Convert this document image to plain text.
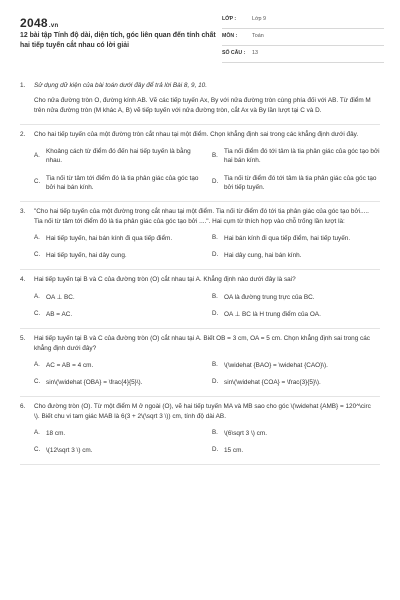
2048.vn
12 bài tập Tính độ dài, diện tích, góc liên quan đến tính chất hai tiếp tuyến cắt nhau có lời giải
LỚP :	Lớp 9
MÔN :	Toán
SỐ CÂU :	13
1.	Sử dụng dữ kiện của bài toán dưới đây để trả lời Bài 8, 9, 10.
Cho nửa đường tròn O, đường kính AB. Vẽ các tiếp tuyến Ax, By với nửa đường tròn cùng phía đối với AB. Từ điểm M trên nửa đường tròn (M khác A, B) vẽ tiếp tuyến với nửa đường tròn, cắt Ax và By lần lượt tại C và D.
2.	Cho hai tiếp tuyến của một đường tròn cắt nhau tại một điểm. Chọn khẳng định sai trong các khẳng định dưới đây.
A.
Khoảng cách từ điểm đó đến hai tiếp tuyến là bằng nhau.
B.
Tia nối điểm đó tới tâm là tia phân giác của góc tạo bởi hai bán kính.
C.
Tia nối từ tâm tới điểm đó là tia phân giác của góc tạo bởi hai bán kính.
D.
Tia nối từ điểm đó tới tâm là tia phân giác của góc tạo bởi tiếp tuyến.
3.	"Cho hai tiếp tuyến của một đường trong cắt nhau tại một điểm. Tia nối từ điểm đó tới tia phân giác của góc tạo bởi..... Tia nối từ tâm tới điểm đó là tia phân giác của góc tạo bởi ....". Hai cụm từ thích hợp vào chỗ trống lần lượt là:
A. Hai tiếp tuyến, hai bán kính đi qua tiếp điểm.	B. Hai bán kính đi qua tiếp điểm, hai tiếp tuyến.
C. Hai tiếp tuyến, hai dây cung.	D. Hai dây cung, hai bán kính.
4.	Hai tiếp tuyến tại B và C của đường tròn (O) cắt nhau tại A. Khẳng định nào dưới đây là sai?
A. OA ⊥ BC.	B. OA là đường trung trực của BC.
C. AB = AC.	D. OA ⊥ BC là H trung điểm của OA.
5.	Hai tiếp tuyến tại B và C của đường tròn (O) cắt nhau tại A. Biết OB = 3 cm, OA = 5 cm. Chọn khẳng định sai trong các khẳng định dưới đây?
A. AC = AB = 4 cm.	B. \(\widehat {BAO} = \widehat {CAO}\).
C. sin\(\widehat {OBA} = \frac{4}{5}\).	D. sin\(\widehat {COA} = \frac{3}{5}\).
6.	Cho đường tròn (O). Từ một điểm M ở ngoài (O), vẽ hai tiếp tuyến MA và MB sao cho góc \(\widehat {AMB} = 120^\circ \). Biết chu vi tam giác MAB là 6(3 + 2\(\sqrt 3 \)) cm, tính độ dài AB.
A. 18 cm.	B. \(6\sqrt 3 \) cm.
C. \(12\sqrt 3 \) cm.	D. 15 cm.
